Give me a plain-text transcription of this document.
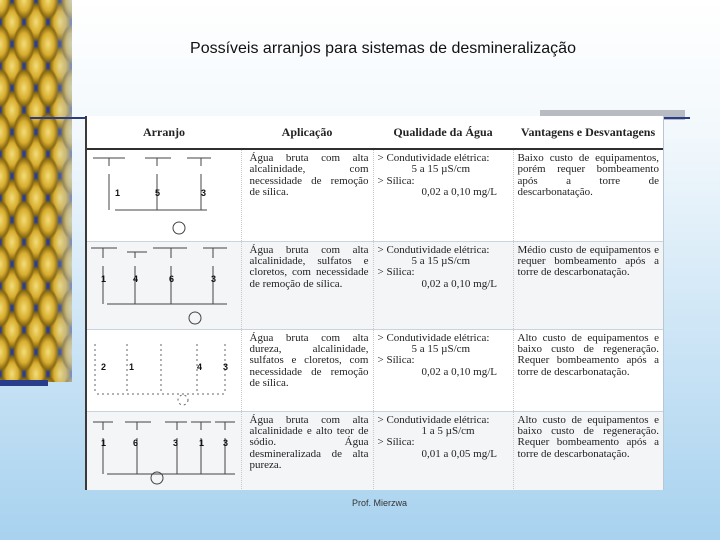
Possíveis arranjos para sistemas de desmineralização
Arranjo	Aplicação	Qualidade da Água	Vantagens e Desvantagens

1 5 3	Água bruta com alta alcalinidade, com necessidade de remoção de sílica.	> Condutividade elétrica:
5 a 15 µS/cm
> Sílica:
0,02 a 0,10 mg/L	Baixo custo de equipamentos, porém requer bombeamento após a torre de descarbonatação.

1 4 6 3	Água bruta com alta alcalinidade, sulfatos e cloretos, com necessidade de remoção de sílica.	> Condutividade elétrica:
5 a 15 µS/cm
> Sílica:
0,02 a 0,10 mg/L	Médio custo de equipamentos e requer bombeamento após a torre de descarbonatação.

2 1 4 3	Água bruta com alta dureza, alcalinidade, sulfatos e cloretos, com necessidade de remoção de sílica.	> Condutividade elétrica:
5 a 15 µS/cm
> Sílica:
0,02 a 0,10 mg/L	Alto custo de equipamentos e baixo custo de regeneração. Requer bombeamento após a torre de descarbonatação.

1 6 3 1 3	Água bruta com alta alcalinidade e alto teor de sódio. Água desmineralizada de alta pureza.	> Condutividade elétrica:
1 a 5 µS/cm
> Sílica:
0,01 a 0,05 mg/L	Alto custo de equipamentos e baixo custo de regeneração. Requer bombeamento após a torre de descarbonatação.
Prof. Mierzwa
